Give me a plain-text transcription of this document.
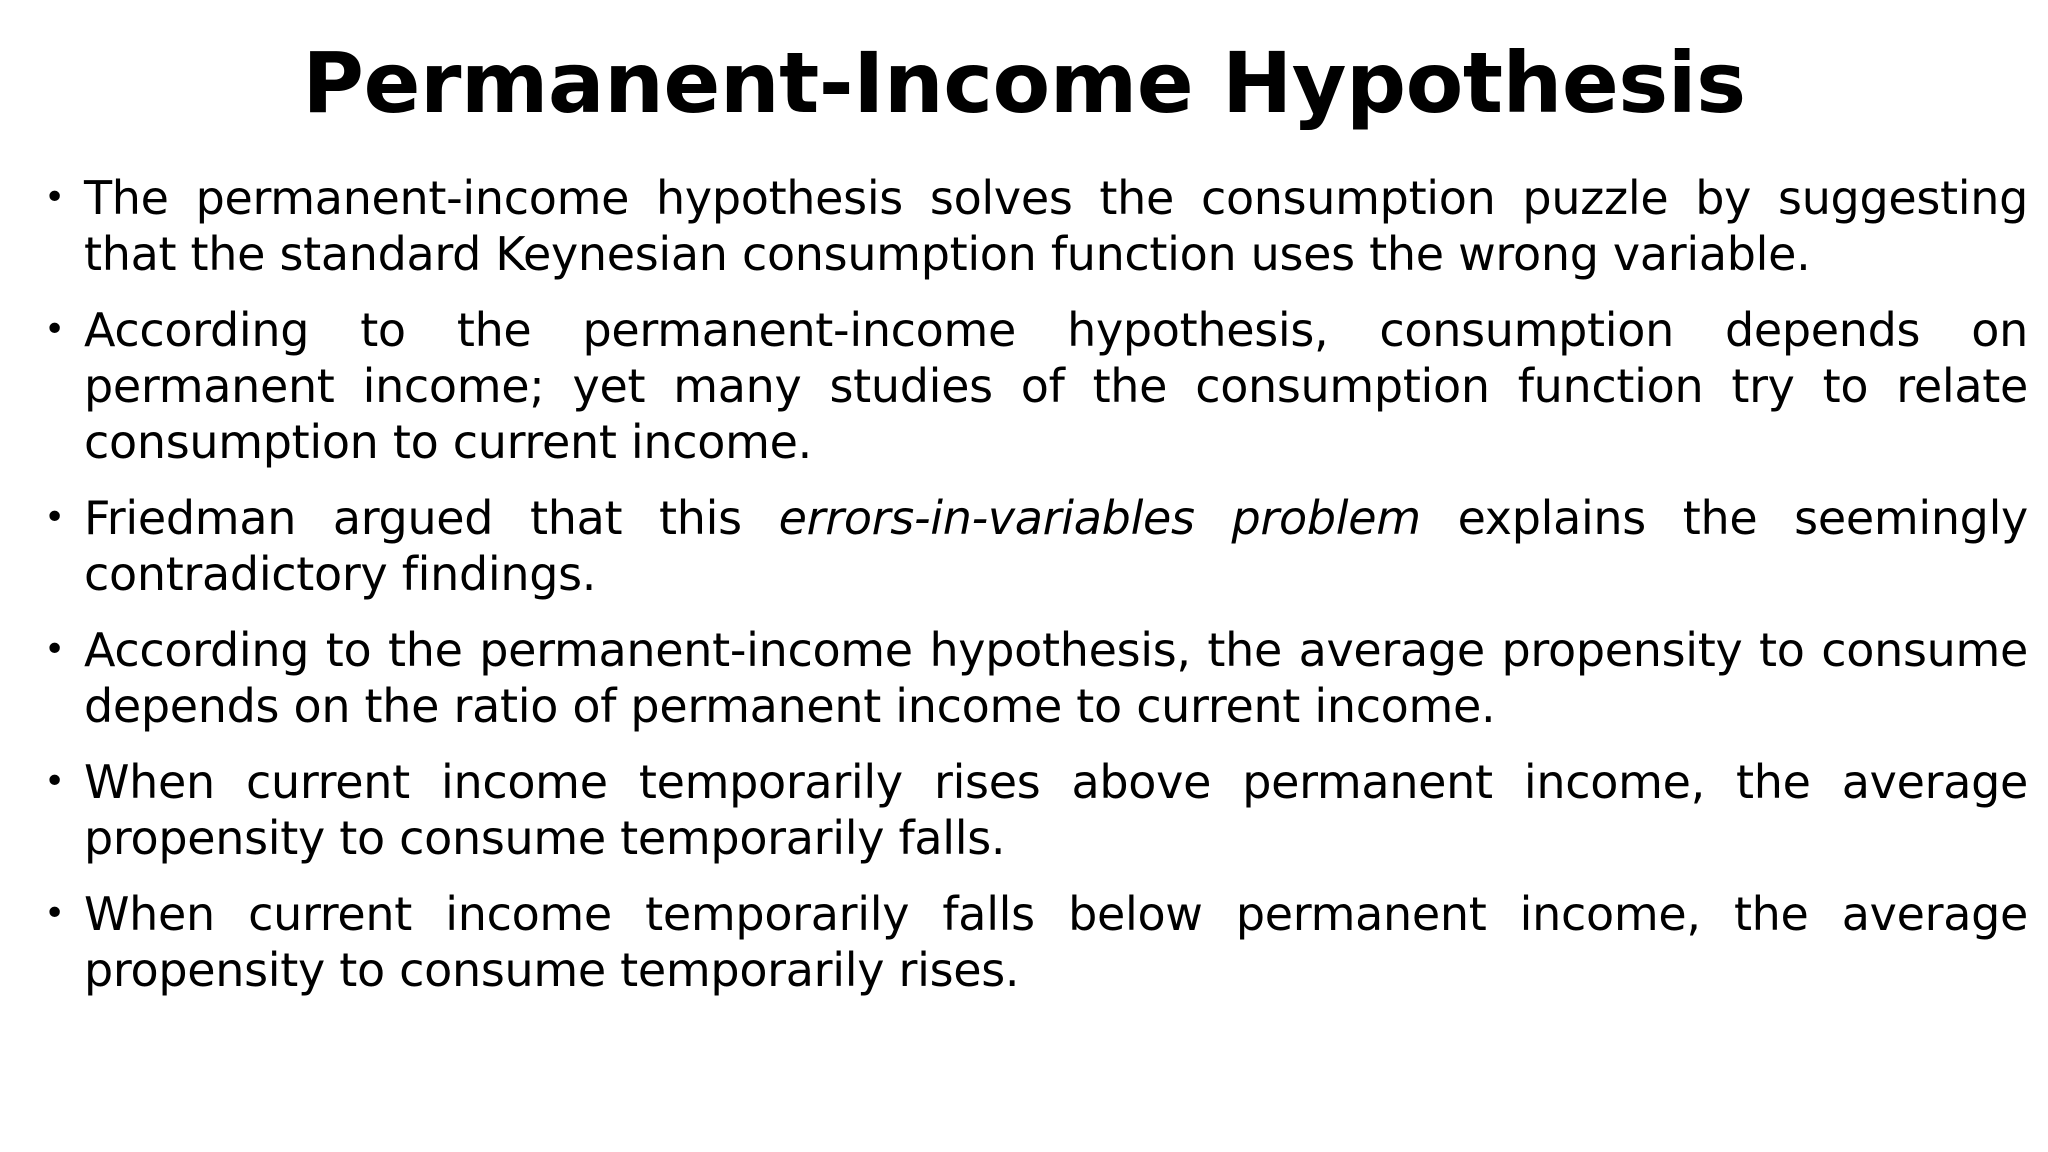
Permanent-Income Hypothesis
• The permanent-income hypothesis solves the consumption puzzle by suggesting that the standard Keynesian consumption function uses the wrong variable.
• According to the permanent-income hypothesis, consumption depends on permanent income; yet many studies of the consumption function try to relate consumption to current income.
• Friedman argued that this errors-in-variables problem explains the seemingly contradictory findings.
• According to the permanent-income hypothesis, the average propensity to consume depends on the ratio of permanent income to current income.
• When current income temporarily rises above permanent income, the average propensity to consume temporarily falls.
• When current income temporarily falls below permanent income, the average propensity to consume temporarily rises.
